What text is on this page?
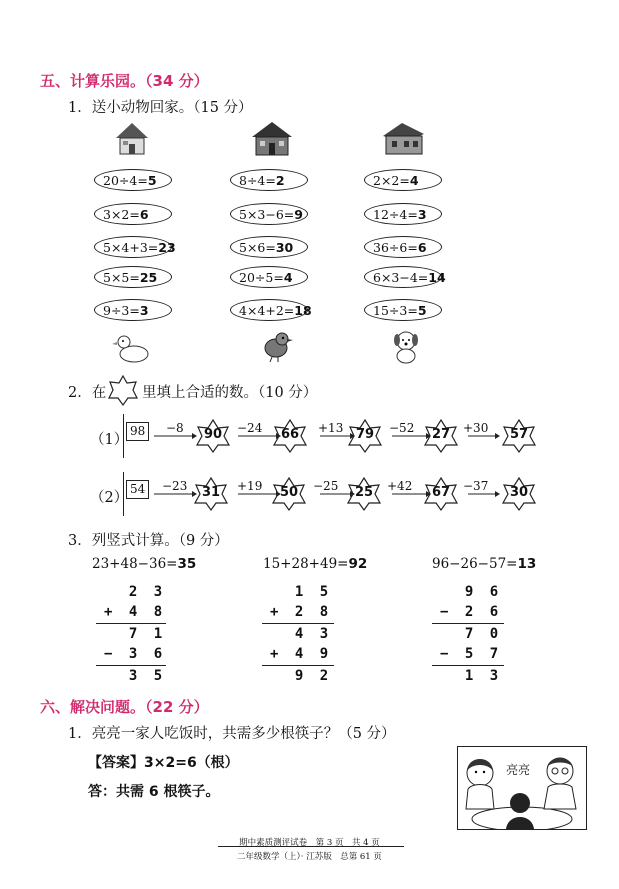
五、计算乐园。（34 分）
1．送小动物回家。（15 分）
20÷4=5
3×2=6
5×4+3=23
5×5=25
9÷3=3
8÷4=2
5×3−6=9
5×6=30
20÷5=4
4×4+2=18
2×2=4
12÷4=3
36÷6=6
6×3−4=14
15÷3=5
2．在 里填上合适的数。（10 分）
（1）
98	−8	−24	+13	−52	+30
90	66	79	27	57
（2）
54	−23	+19	−25	+42	−37
31	50	25	67	30
3．列竖式计算。（9 分）
23+48−36=35	15+28+49=92	96−26−57=13
2 3
+ 4 8
7 1
− 3 6
3 5
1 5
+ 2 8
4 3
+ 4 9
9 2
9 6
− 2 6
7 0
− 5 7
1 3
六、解决问题。（22 分）
1．亮亮一家人吃饭时，共需多少根筷子？（5 分）
【答案】3×2=6（根）
答：共需 6 根筷子。
亮亮
期中素质测评试卷　第 3 页　共 4 页
二年级数学（上）· 江苏版　总第 61 页
